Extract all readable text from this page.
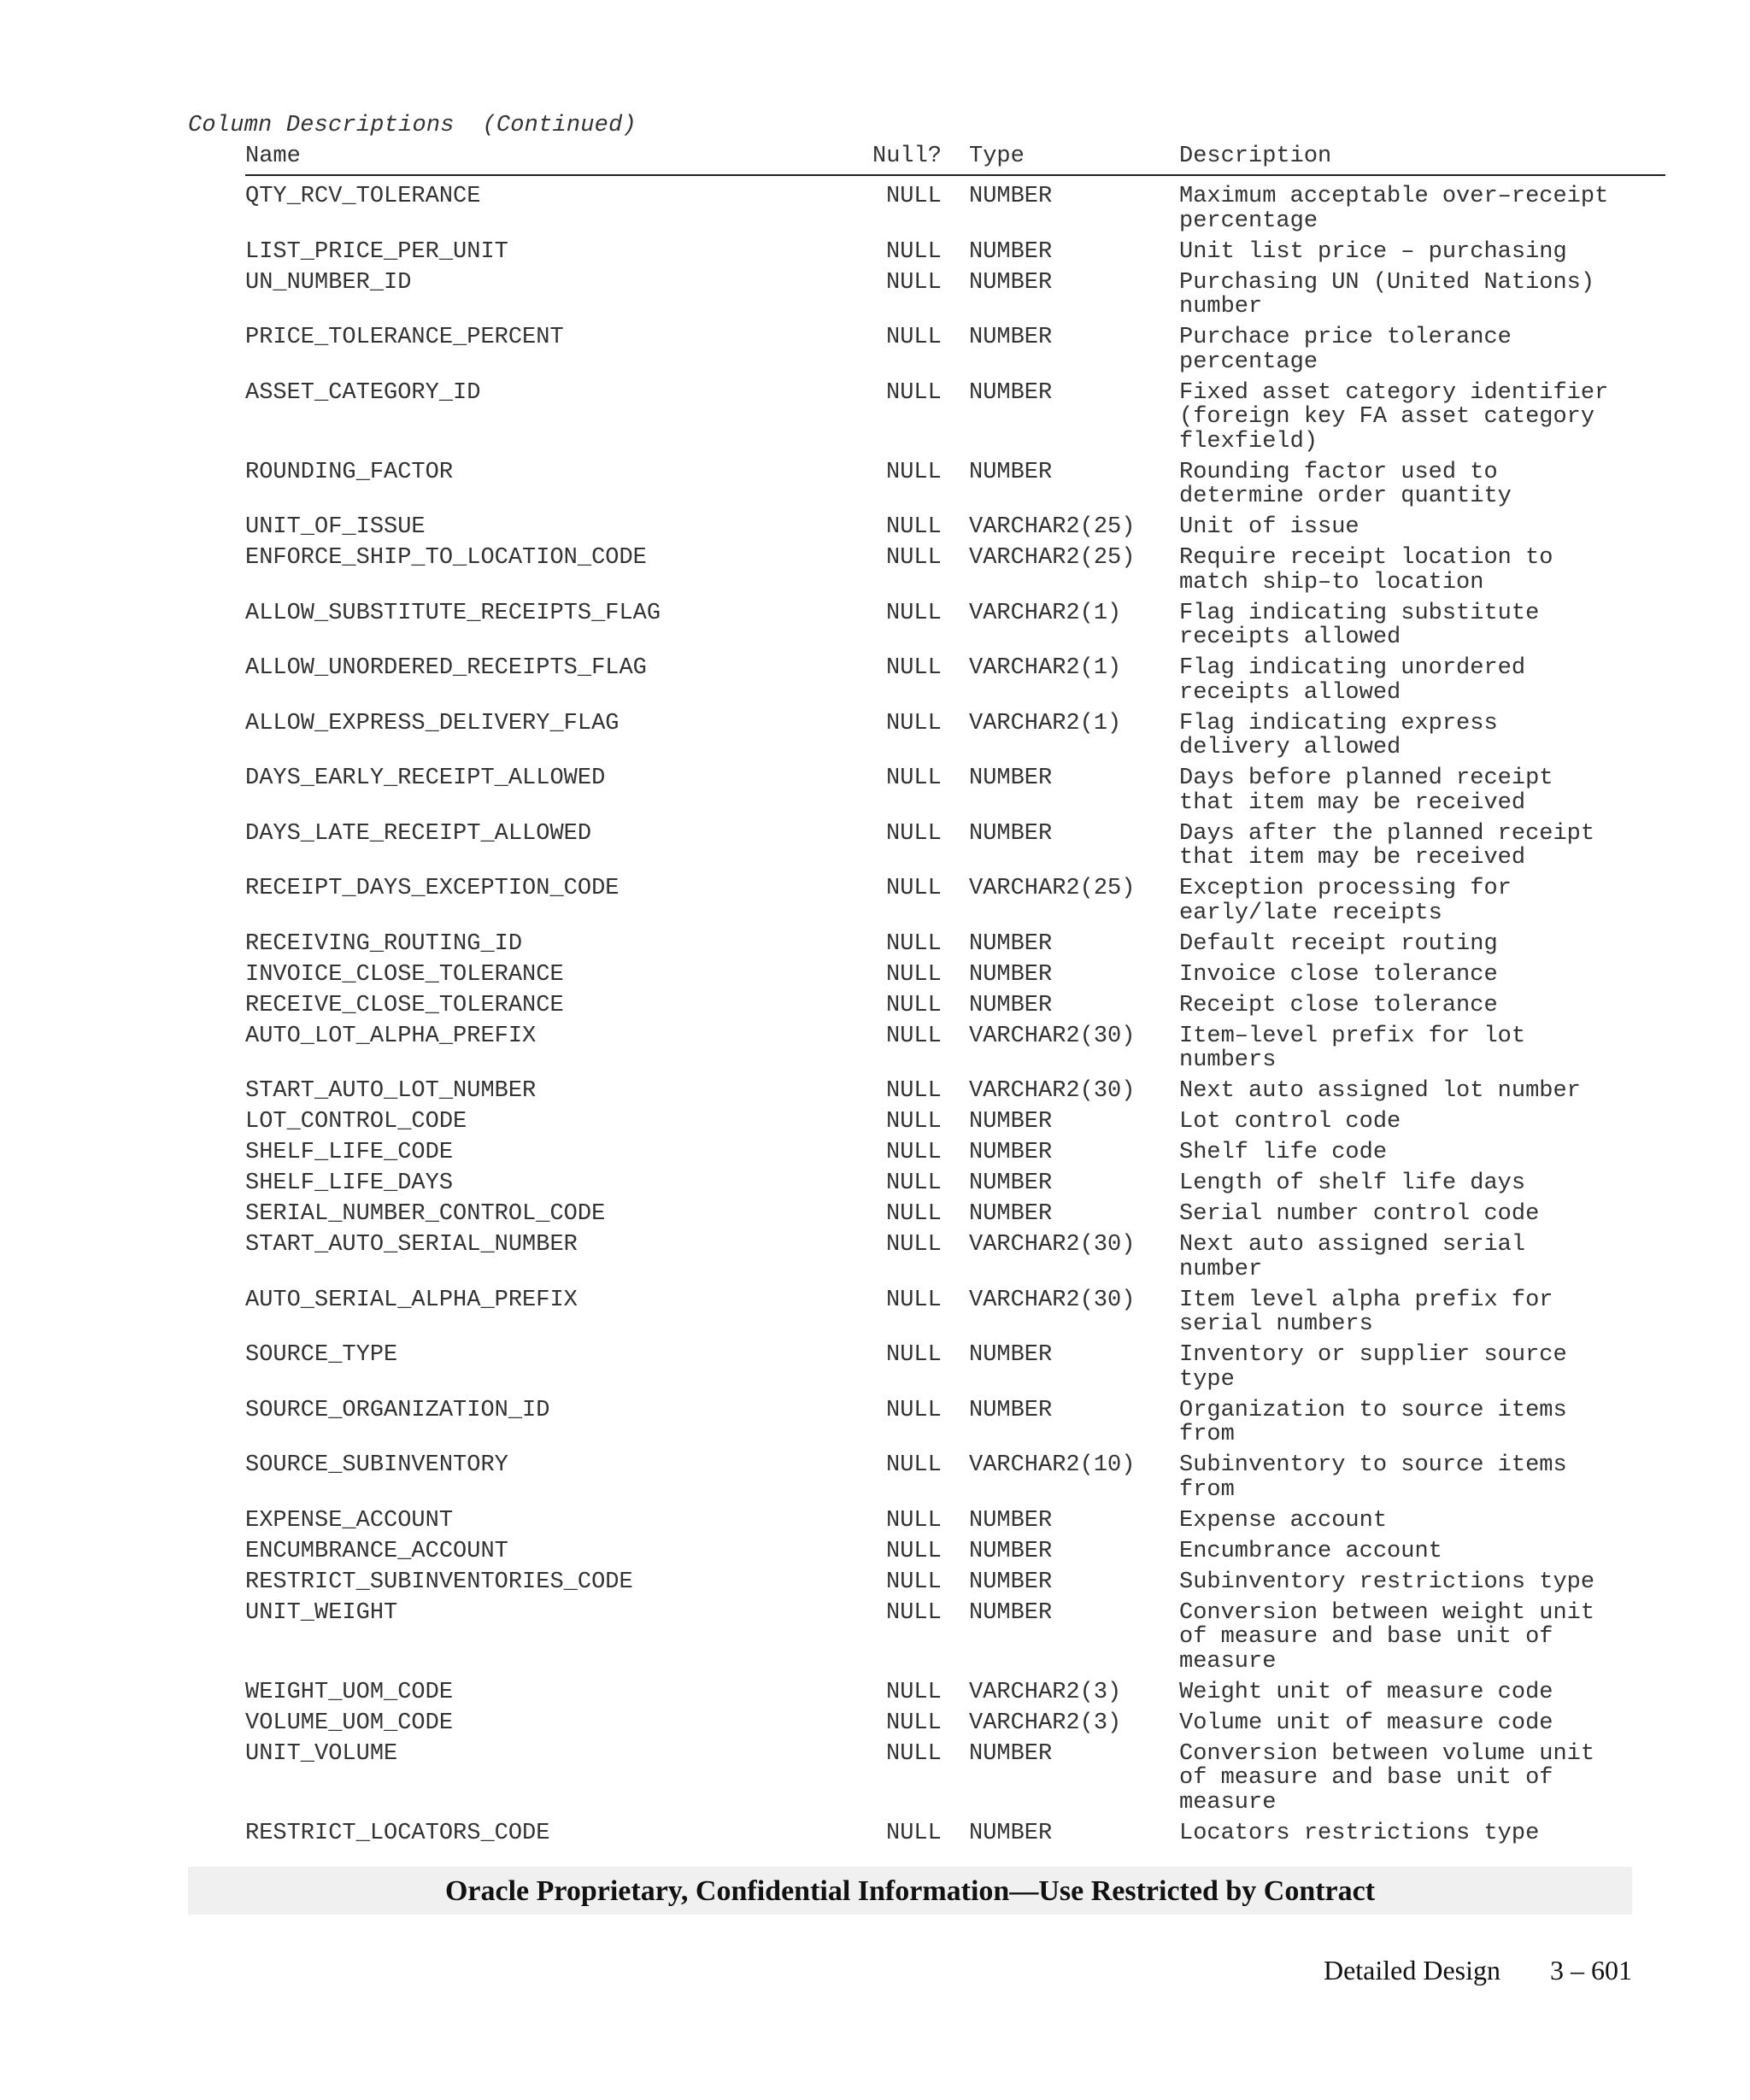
Column Descriptions  (Continued)
Name	Null? Type	Description
QTY_RCV_TOLERANCE	NULL NUMBER	Maximum acceptable over–receipt
percentage
LIST_PRICE_PER_UNIT	NULL NUMBER	Unit list price – purchasing
UN_NUMBER_ID	NULL NUMBER	Purchasing UN (United Nations)
number
PRICE_TOLERANCE_PERCENT	NULL NUMBER	Purchace price tolerance
percentage
ASSET_CATEGORY_ID	NULL NUMBER	Fixed asset category identifier
(foreign key FA asset category
flexfield)
ROUNDING_FACTOR	NULL NUMBER	Rounding factor used to
determine order quantity
UNIT_OF_ISSUE	NULL VARCHAR2(25) Unit of issue
ENFORCE_SHIP_TO_LOCATION_CODE	NULL VARCHAR2(25) Require receipt location to
match ship–to location
ALLOW_SUBSTITUTE_RECEIPTS_FLAG	NULL VARCHAR2(1)	Flag indicating substitute
receipts allowed
ALLOW_UNORDERED_RECEIPTS_FLAG	NULL VARCHAR2(1)	Flag indicating unordered
receipts allowed
ALLOW_EXPRESS_DELIVERY_FLAG	NULL VARCHAR2(1)	Flag indicating express
delivery allowed
DAYS_EARLY_RECEIPT_ALLOWED	NULL NUMBER	Days before planned receipt
that item may be received
DAYS_LATE_RECEIPT_ALLOWED	NULL NUMBER	Days after the planned receipt
that item may be received
RECEIPT_DAYS_EXCEPTION_CODE	NULL VARCHAR2(25) Exception processing for
early/late receipts
RECEIVING_ROUTING_ID	NULL NUMBER	Default receipt routing
INVOICE_CLOSE_TOLERANCE	NULL NUMBER	Invoice close tolerance
RECEIVE_CLOSE_TOLERANCE	NULL NUMBER	Receipt close tolerance
AUTO_LOT_ALPHA_PREFIX	NULL VARCHAR2(30) Item–level prefix for lot
numbers
START_AUTO_LOT_NUMBER	NULL VARCHAR2(30) Next auto assigned lot number
LOT_CONTROL_CODE	NULL NUMBER	Lot control code
SHELF_LIFE_CODE	NULL NUMBER	Shelf life code
SHELF_LIFE_DAYS	NULL NUMBER	Length of shelf life days
SERIAL_NUMBER_CONTROL_CODE	NULL NUMBER	Serial number control code
START_AUTO_SERIAL_NUMBER	NULL VARCHAR2(30) Next auto assigned serial
number
AUTO_SERIAL_ALPHA_PREFIX	NULL VARCHAR2(30) Item level alpha prefix for
serial numbers
SOURCE_TYPE	NULL NUMBER	Inventory or supplier source
type
SOURCE_ORGANIZATION_ID	NULL NUMBER	Organization to source items
from
SOURCE_SUBINVENTORY	NULL VARCHAR2(10) Subinventory to source items
from
EXPENSE_ACCOUNT	NULL NUMBER	Expense account
ENCUMBRANCE_ACCOUNT	NULL NUMBER	Encumbrance account
RESTRICT_SUBINVENTORIES_CODE	NULL NUMBER	Subinventory restrictions type
UNIT_WEIGHT	NULL NUMBER	Conversion between weight unit
of measure and base unit of
measure
WEIGHT_UOM_CODE	NULL VARCHAR2(3)	Weight unit of measure code
VOLUME_UOM_CODE	NULL VARCHAR2(3)	Volume unit of measure code
UNIT_VOLUME	NULL NUMBER	Conversion between volume unit
of measure and base unit of
measure
RESTRICT_LOCATORS_CODE	NULL NUMBER	Locators restrictions type
Oracle Proprietary, Confidential Information––Use Restricted by Contract
Detailed Design 3 – 601
